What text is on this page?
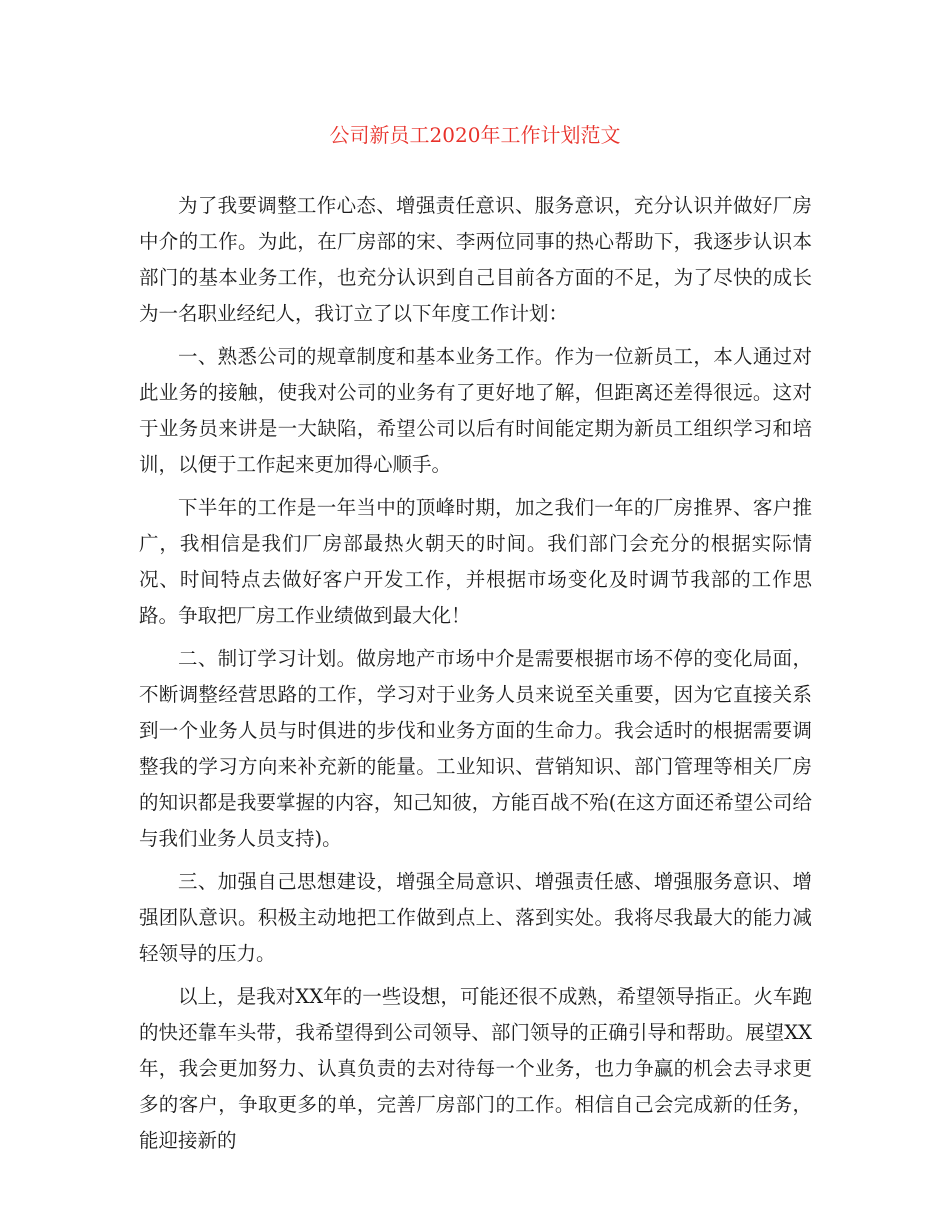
公司新员工2020年工作计划范文

为了我要调整工作心态、增强责任意识、服务意识，充分认识并做好厂房中介的工作。为此，在厂房部的宋、李两位同事的热心帮助下，我逐步认识本部门的基本业务工作，也充分认识到自己目前各方面的不足，为了尽快的成长为一名职业经纪人，我订立了以下年度工作计划：

一、熟悉公司的规章制度和基本业务工作。作为一位新员工，本人通过对此业务的接触，使我对公司的业务有了更好地了解，但距离还差得很远。这对于业务员来讲是一大缺陷，希望公司以后有时间能定期为新员工组织学习和培训，以便于工作起来更加得心顺手。

下半年的工作是一年当中的顶峰时期，加之我们一年的厂房推界、客户推广，我相信是我们厂房部最热火朝天的时间。我们部门会充分的根据实际情况、时间特点去做好客户开发工作，并根据市场变化及时调节我部的工作思路。争取把厂房工作业绩做到最大化！

二、制订学习计划。做房地产市场中介是需要根据市场不停的变化局面，不断调整经营思路的工作，学习对于业务人员来说至关重要，因为它直接关系到一个业务人员与时俱进的步伐和业务方面的生命力。我会适时的根据需要调整我的学习方向来补充新的能量。工业知识、营销知识、部门管理等相关厂房的知识都是我要掌握的内容，知己知彼，方能百战不殆(在这方面还希望公司给与我们业务人员支持)。

三、加强自己思想建设，增强全局意识、增强责任感、增强服务意识、增强团队意识。积极主动地把工作做到点上、落到实处。我将尽我最大的能力减轻领导的压力。

以上，是我对XX年的一些设想，可能还很不成熟，希望领导指正。火车跑的快还靠车头带，我希望得到公司领导、部门领导的正确引导和帮助。展望XX年，我会更加努力、认真负责的去对待每一个业务，也力争赢的机会去寻求更多的客户，争取更多的单，完善厂房部门的工作。相信自己会完成新的任务，能迎接新的
